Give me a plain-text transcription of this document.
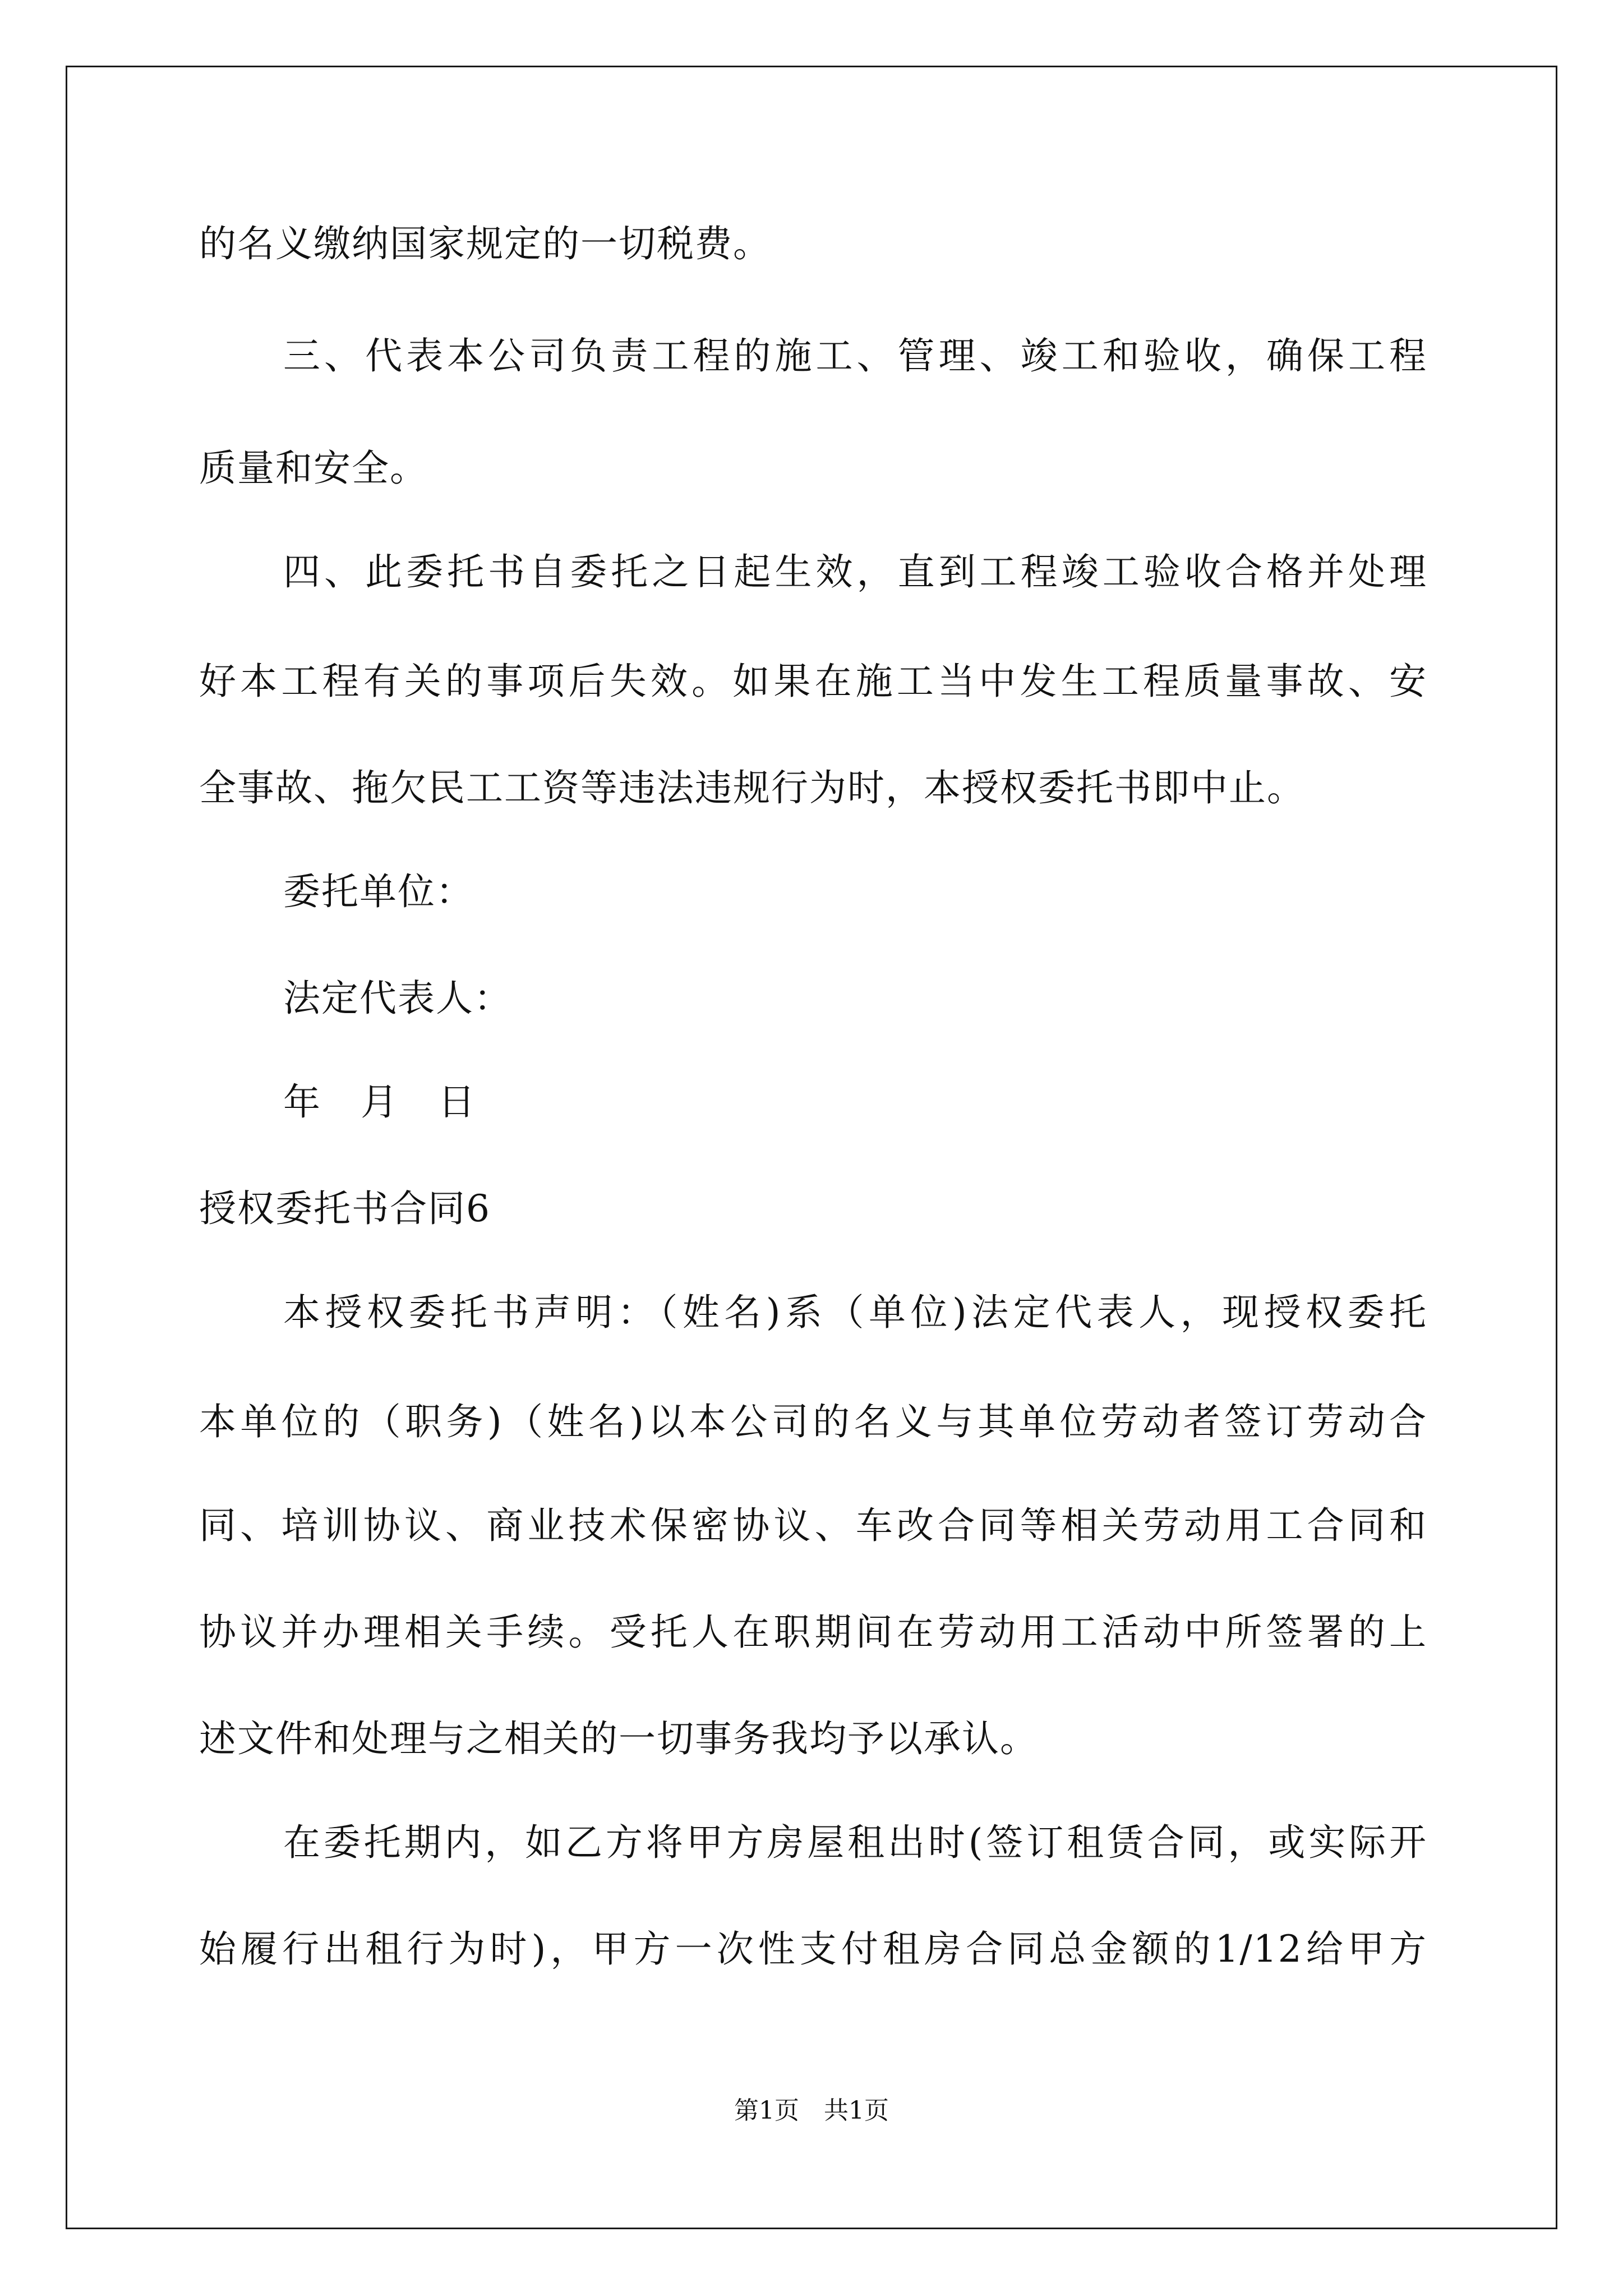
的名义缴纳国家规定的一切税费。
三、代表本公司负责工程的施工、管理、竣工和验收，确保工程
质量和安全。
四、此委托书自委托之日起生效，直到工程竣工验收合格并处理
好本工程有关的事项后失效。如果在施工当中发生工程质量事故、安
全事故、拖欠民工工资等违法违规行为时，本授权委托书即中止。
委托单位：
法定代表人：
年 月 日
授权委托书合同6
本授权委托书声明：（姓名)系（单位)法定代表人，现授权委托
本单位的（职务)（姓名)以本公司的名义与其单位劳动者签订劳动合
同、培训协议、商业技术保密协议、车改合同等相关劳动用工合同和
协议并办理相关手续。受托人在职期间在劳动用工活动中所签署的上
述文件和处理与之相关的一切事务我均予以承认。
在委托期内，如乙方将甲方房屋租出时(签订租赁合同，或实际开
始履行出租行为时)，甲方一次性支付租房合同总金额的1/12给甲方
第1页　共1页
